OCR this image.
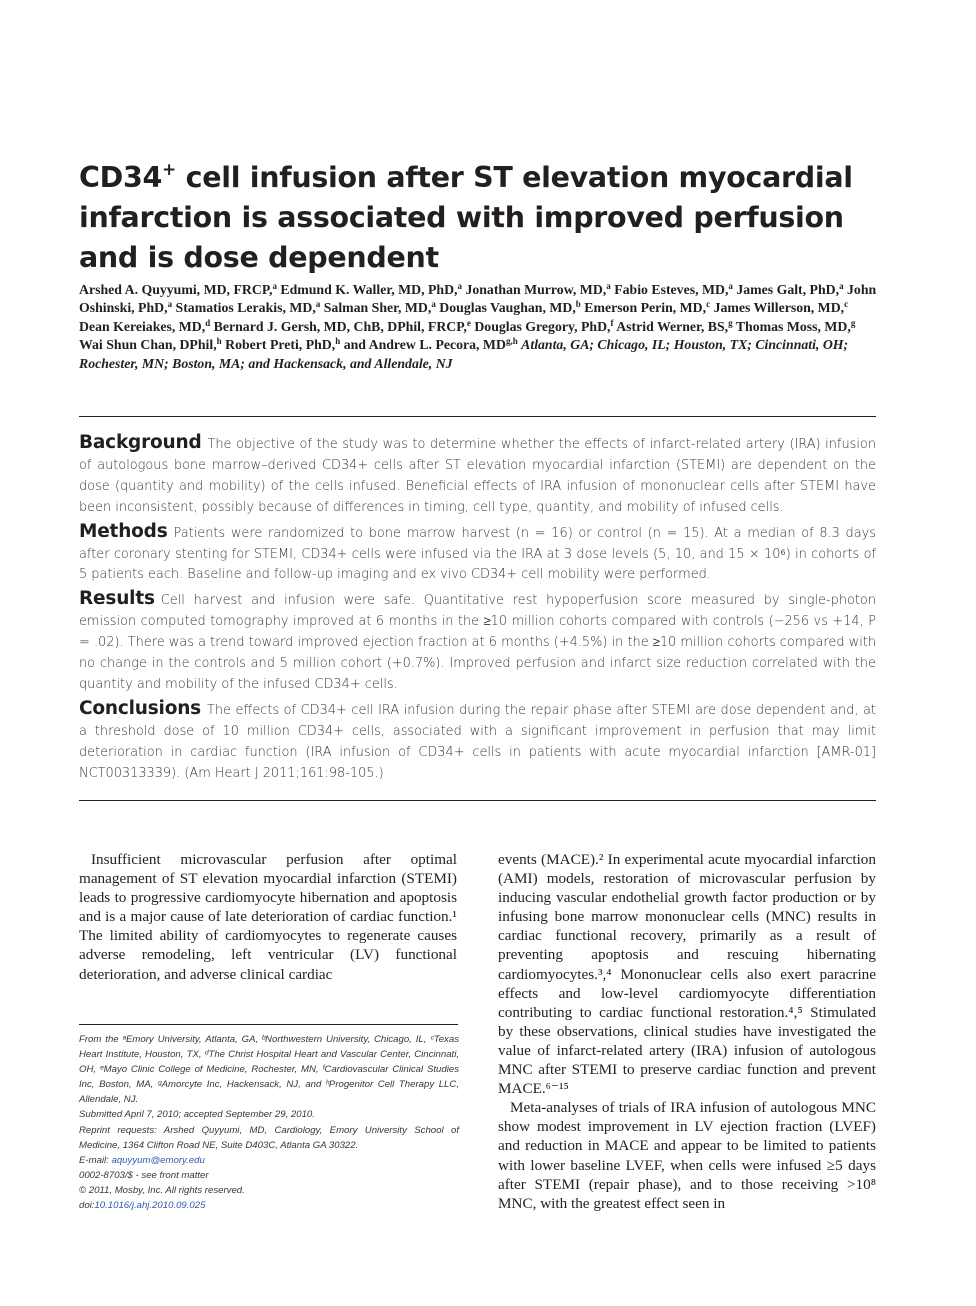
CD34+ cell infusion after ST elevation myocardial infarction is associated with improved perfusion and is dose dependent
Arshed A. Quyyumi, MD, FRCP,$^a$ Edmund K. Waller, MD, PhD,$^a$ Jonathan Murrow, MD,$^a$ Fabio Esteves, MD,$^a$ James Galt, PhD,$^a$ John Oshinski, PhD,$^a$ Stamatios Lerakis, MD,$^a$ Salman Sher, MD,$^a$ Douglas Vaughan, MD,$^b$ Emerson Perin, MD,$^c$ James Willerson, MD,$^c$ Dean Kereiakes, MD,$^d$ Bernard J. Gersh, MD, ChB, DPhil, FRCP,$^e$ Douglas Gregory, PhD,$^f$ Astrid Werner, BS,$^g$ Thomas Moss, MD,$^g$ Wai Shun Chan, DPhil,$^h$ Robert Preti, PhD,$^h$ and Andrew L. Pecora, MD$^{g,h}$ Atlanta, GA; Chicago, IL; Houston, TX; Cincinnati, OH; Rochester, MN; Boston, MA; and Hackensack, and Allendale, NJ

Background The objective of the study was to determine whether the effects of infarct-related artery (IRA) infusion of autologous bone marrow–derived CD34+ cells after ST elevation myocardial infarction (STEMI) are dependent on the dose (quantity and mobility) of the cells infused. Beneficial effects of IRA infusion of mononuclear cells after STEMI have been inconsistent, possibly because of differences in timing, cell type, quantity, and mobility of infused cells.

Methods Patients were randomized to bone marrow harvest (n = 16) or control (n = 15). At a median of 8.3 days after coronary stenting for STEMI, CD34+ cells were infused via the IRA at 3 dose levels (5, 10, and 15 × 10⁶) in cohorts of 5 patients each. Baseline and follow-up imaging and ex vivo CD34+ cell mobility were performed.

Results Cell harvest and infusion were safe. Quantitative rest hypoperfusion score measured by single-photon emission computed tomography improved at 6 months in the ≥10 million cohorts compared with controls (−256 vs +14, P = .02). There was a trend toward improved ejection fraction at 6 months (+4.5%) in the ≥10 million cohorts compared with no change in the controls and 5 million cohort (+0.7%). Improved perfusion and infarct size reduction correlated with the quantity and mobility of the infused CD34+ cells.

Conclusions The effects of CD34+ cell IRA infusion during the repair phase after STEMI are dose dependent and, at a threshold dose of 10 million CD34+ cells, associated with a significant improvement in perfusion that may limit deterioration in cardiac function (IRA infusion of CD34+ cells in patients with acute myocardial infarction [AMR-01] NCT00313339). (Am Heart J 2011;161:98-105.)

Insufficient microvascular perfusion after optimal management of ST elevation myocardial infarction (STEMI) leads to progressive cardiomyocyte hibernation and apoptosis and is a major cause of late deterioration of cardiac function.¹ The limited ability of cardiomyocytes to regenerate causes adverse remodeling, left ventricular (LV) functional deterioration, and adverse clinical cardiac

events (MACE).² In experimental acute myocardial infarction (AMI) models, restoration of microvascular perfusion by inducing vascular endothelial growth factor production or by infusing bone marrow mononuclear cells (MNC) results in cardiac functional recovery, primarily as a result of preventing apoptosis and rescuing hibernating cardiomyocytes.³,⁴ Mononuclear cells also exert paracrine effects and low-level cardiomyocyte differentiation contributing to cardiac functional restoration.⁴,⁵ Stimulated by these observations, clinical studies have investigated the value of infarct-related artery (IRA) infusion of autologous MNC after STEMI to preserve cardiac function and prevent MACE.⁶⁻¹⁵

Meta-analyses of trials of IRA infusion of autologous MNC show modest improvement in LV ejection fraction (LVEF) and reduction in MACE and appear to be limited to patients with lower baseline LVEF, when cells were infused ≥5 days after STEMI (repair phase), and to those receiving >10⁸ MNC, with the greatest effect seen in

From the ᵃEmory University, Atlanta, GA, ᵇNorthwestern University, Chicago, IL, ᶜTexas Heart Institute, Houston, TX, ᵈThe Christ Hospital Heart and Vascular Center, Cincinnati, OH, ᵉMayo Clinic College of Medicine, Rochester, MN, ᶠCardiovascular Clinical Studies Inc, Boston, MA, ᵍAmorcyte Inc, Hackensack, NJ, and ʰProgenitor Cell Therapy LLC, Allendale, NJ.
Submitted April 7, 2010; accepted September 29, 2010.
Reprint requests: Arshed Quyyumi, MD, Cardiology, Emory University School of Medicine, 1364 Clifton Road NE, Suite D403C, Atlanta GA 30322.
E-mail: aquyyum@emory.edu
0002-8703/$ - see front matter
© 2011, Mosby, Inc. All rights reserved.
doi:10.1016/j.ahj.2010.09.025
